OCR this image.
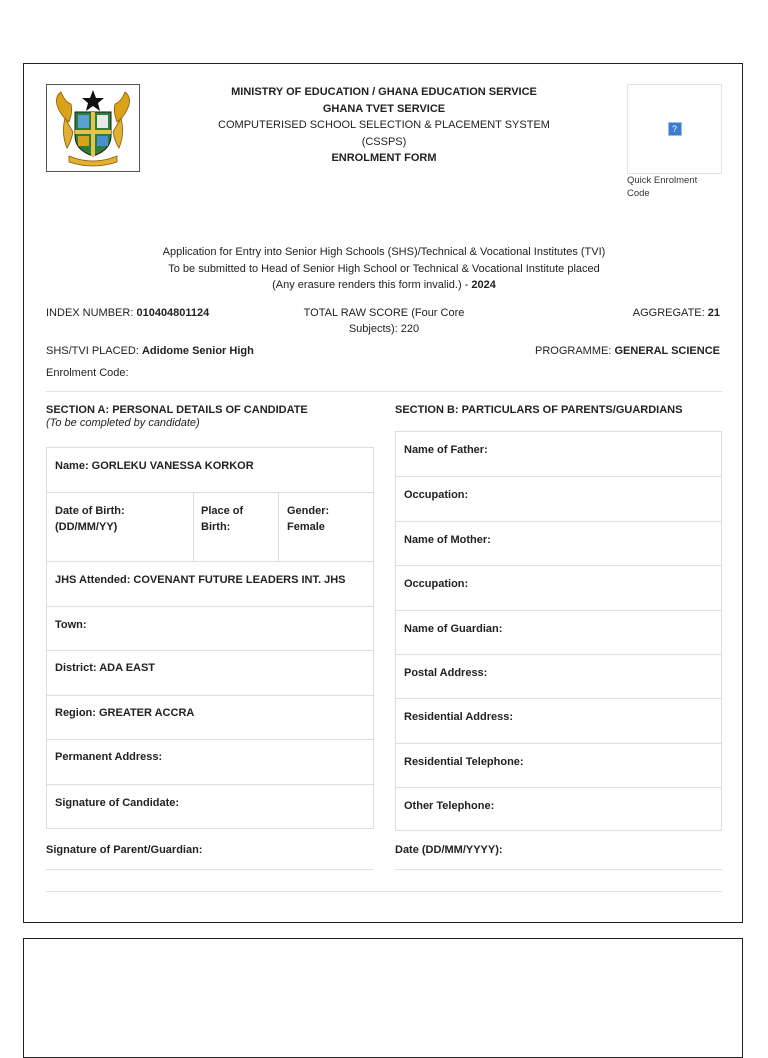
MINISTRY OF EDUCATION / GHANA EDUCATION SERVICE
GHANA TVET SERVICE
COMPUTERISED SCHOOL SELECTION & PLACEMENT SYSTEM
(CSSPS)
ENROLMENT FORM
?
Quick Enrolment Code
Application for Entry into Senior High Schools (SHS)/Technical & Vocational Institutes (TVI)
To be submitted to Head of Senior High School or Technical & Vocational Institute placed
(Any erasure renders this form invalid.) - 2024
INDEX NUMBER: 010404801124	TOTAL RAW SCORE (Four Core
Subjects): 220
AGGREGATE: 21
SHS/TVI PLACED: Adidome Senior High	PROGRAMME: GENERAL SCIENCE
Enrolment Code:
SECTION A: PERSONAL DETAILS OF CANDIDATE
(To be completed by candidate)
SECTION B: PARTICULARS OF PARENTS/GUARDIANS
Name: GORLEKU VANESSA KORKOR
Date of Birth:
(DD/MM/YY)
Place of
Birth:
Gender:
Female
JHS Attended: COVENANT FUTURE LEADERS INT. JHS
Town:
District: ADA EAST
Region: GREATER ACCRA
Permanent Address:
Signature of Candidate:
Name of Father:
Occupation:
Name of Mother:
Occupation:
Name of Guardian:
Postal Address:
Residential Address:
Residential Telephone:
Other Telephone:
Signature of Parent/Guardian:	Date (DD/MM/YYYY):
